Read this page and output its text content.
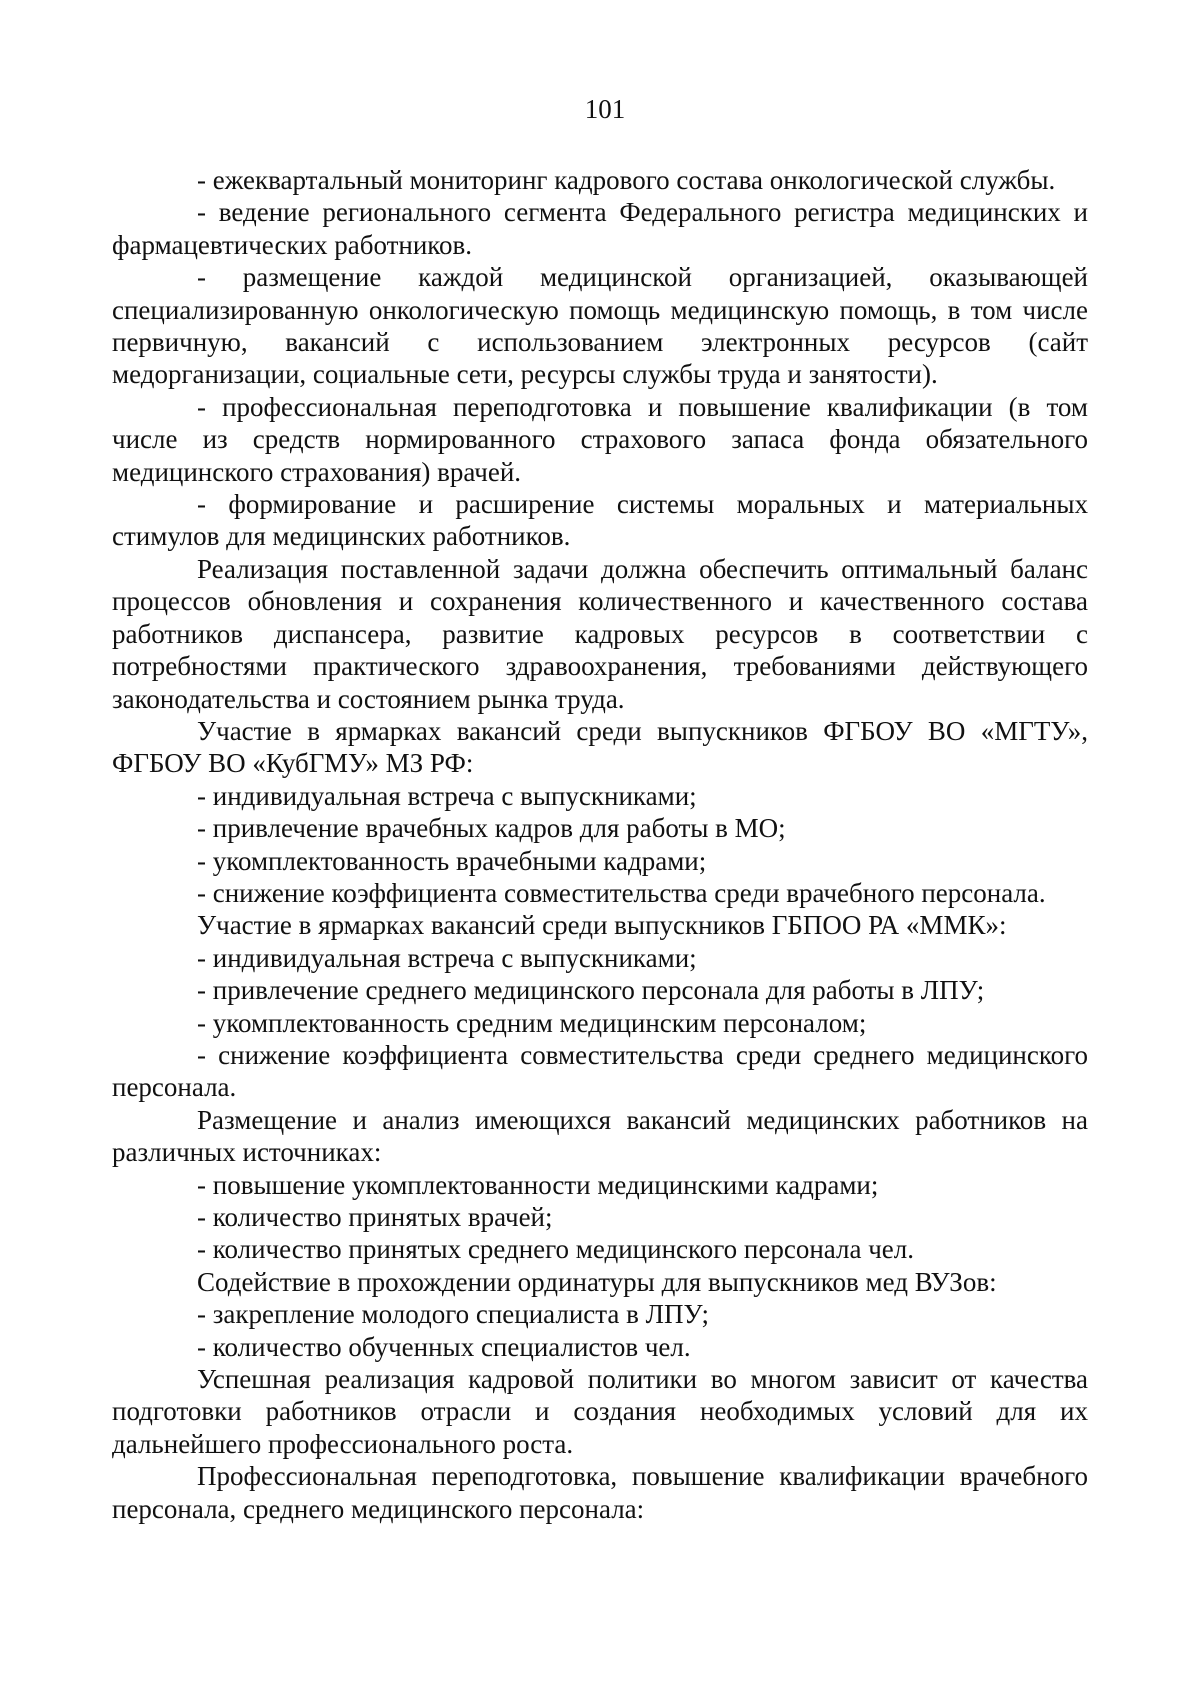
101

- ежеквартальный мониторинг кадрового состава онкологической службы.

- ведение регионального сегмента Федерального регистра медицинских и фармацевтических работников.

- размещение каждой медицинской организацией, оказывающей специализированную онкологическую помощь медицинскую помощь, в том числе первичную, вакансий с использованием электронных ресурсов (сайт медорганизации, социальные сети, ресурсы службы труда и занятости).

- профессиональная переподготовка и повышение квалификации (в том числе из средств нормированного страхового запаса фонда обязательного медицинского страхования) врачей.

- формирование и расширение системы моральных и материальных стимулов для медицинских работников.

Реализация поставленной задачи должна обеспечить оптимальный баланс процессов обновления и сохранения количественного и качественного состава работников диспансера, развитие кадровых ресурсов в соответствии с потребностями практического здравоохранения, требованиями действующего законодательства и состоянием рынка труда.

Участие в ярмарках вакансий среди выпускников ФГБОУ ВО «МГТУ», ФГБОУ ВО «КубГМУ» МЗ РФ:

- индивидуальная встреча с выпускниками;

- привлечение врачебных кадров для работы в МО;

- укомплектованность врачебными кадрами;

- снижение коэффициента совместительства среди врачебного персонала.

Участие в ярмарках вакансий среди выпускников ГБПОО РА «ММК»:

- индивидуальная встреча с выпускниками;

- привлечение среднего медицинского персонала для работы в ЛПУ;

- укомплектованность средним медицинским персоналом;

- снижение коэффициента совместительства среди среднего медицинского персонала.

Размещение и анализ имеющихся вакансий медицинских работников на различных источниках:

- повышение укомплектованности медицинскими кадрами;

- количество принятых врачей;

- количество принятых среднего медицинского персонала чел.

Содействие в прохождении ординатуры для выпускников мед ВУЗов:

- закрепление молодого специалиста в ЛПУ;

- количество обученных специалистов чел.

Успешная реализация кадровой политики во многом зависит от качества подготовки работников отрасли и создания необходимых условий для их дальнейшего профессионального роста.

Профессиональная переподготовка, повышение квалификации врачебного персонала, среднего медицинского персонала:
